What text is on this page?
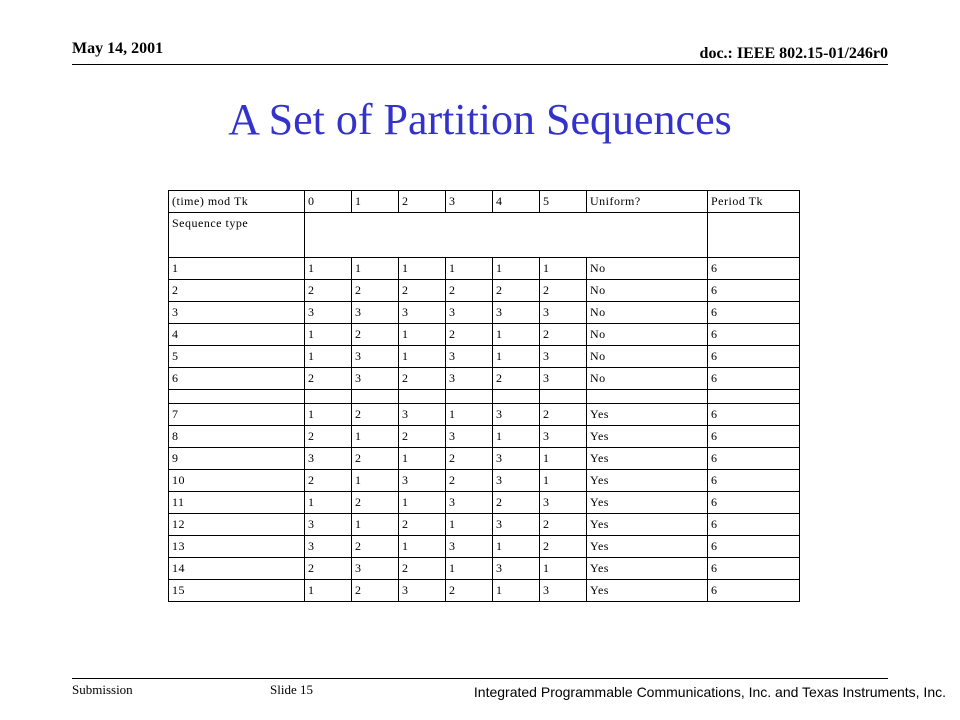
May 14, 2001	doc.: IEEE 802.15-01/246r0
A Set of Partition Sequences
(time) mod Tk	0	1	2	3	4	5	Uniform?	Period Tk
Sequence type								
1	1	1	1	1	1	1	No	6
2	2	2	2	2	2	2	No	6
3	3	3	3	3	3	3	No	6
4	1	2	1	2	1	2	No	6
5	1	3	1	3	1	3	No	6
6	2	3	2	3	2	3	No	6

7	1	2	3	1	3	2	Yes	6
8	2	1	2	3	1	3	Yes	6
9	3	2	1	2	3	1	Yes	6
10	2	1	3	2	3	1	Yes	6
11	1	2	1	3	2	3	Yes	6
12	3	1	2	1	3	2	Yes	6
13	3	2	1	3	1	2	Yes	6
14	2	3	2	1	3	1	Yes	6
15	1	2	3	2	1	3	Yes	6
Submission	Slide 15	Integrated Programmable Communications, Inc. and Texas Instruments, Inc.
